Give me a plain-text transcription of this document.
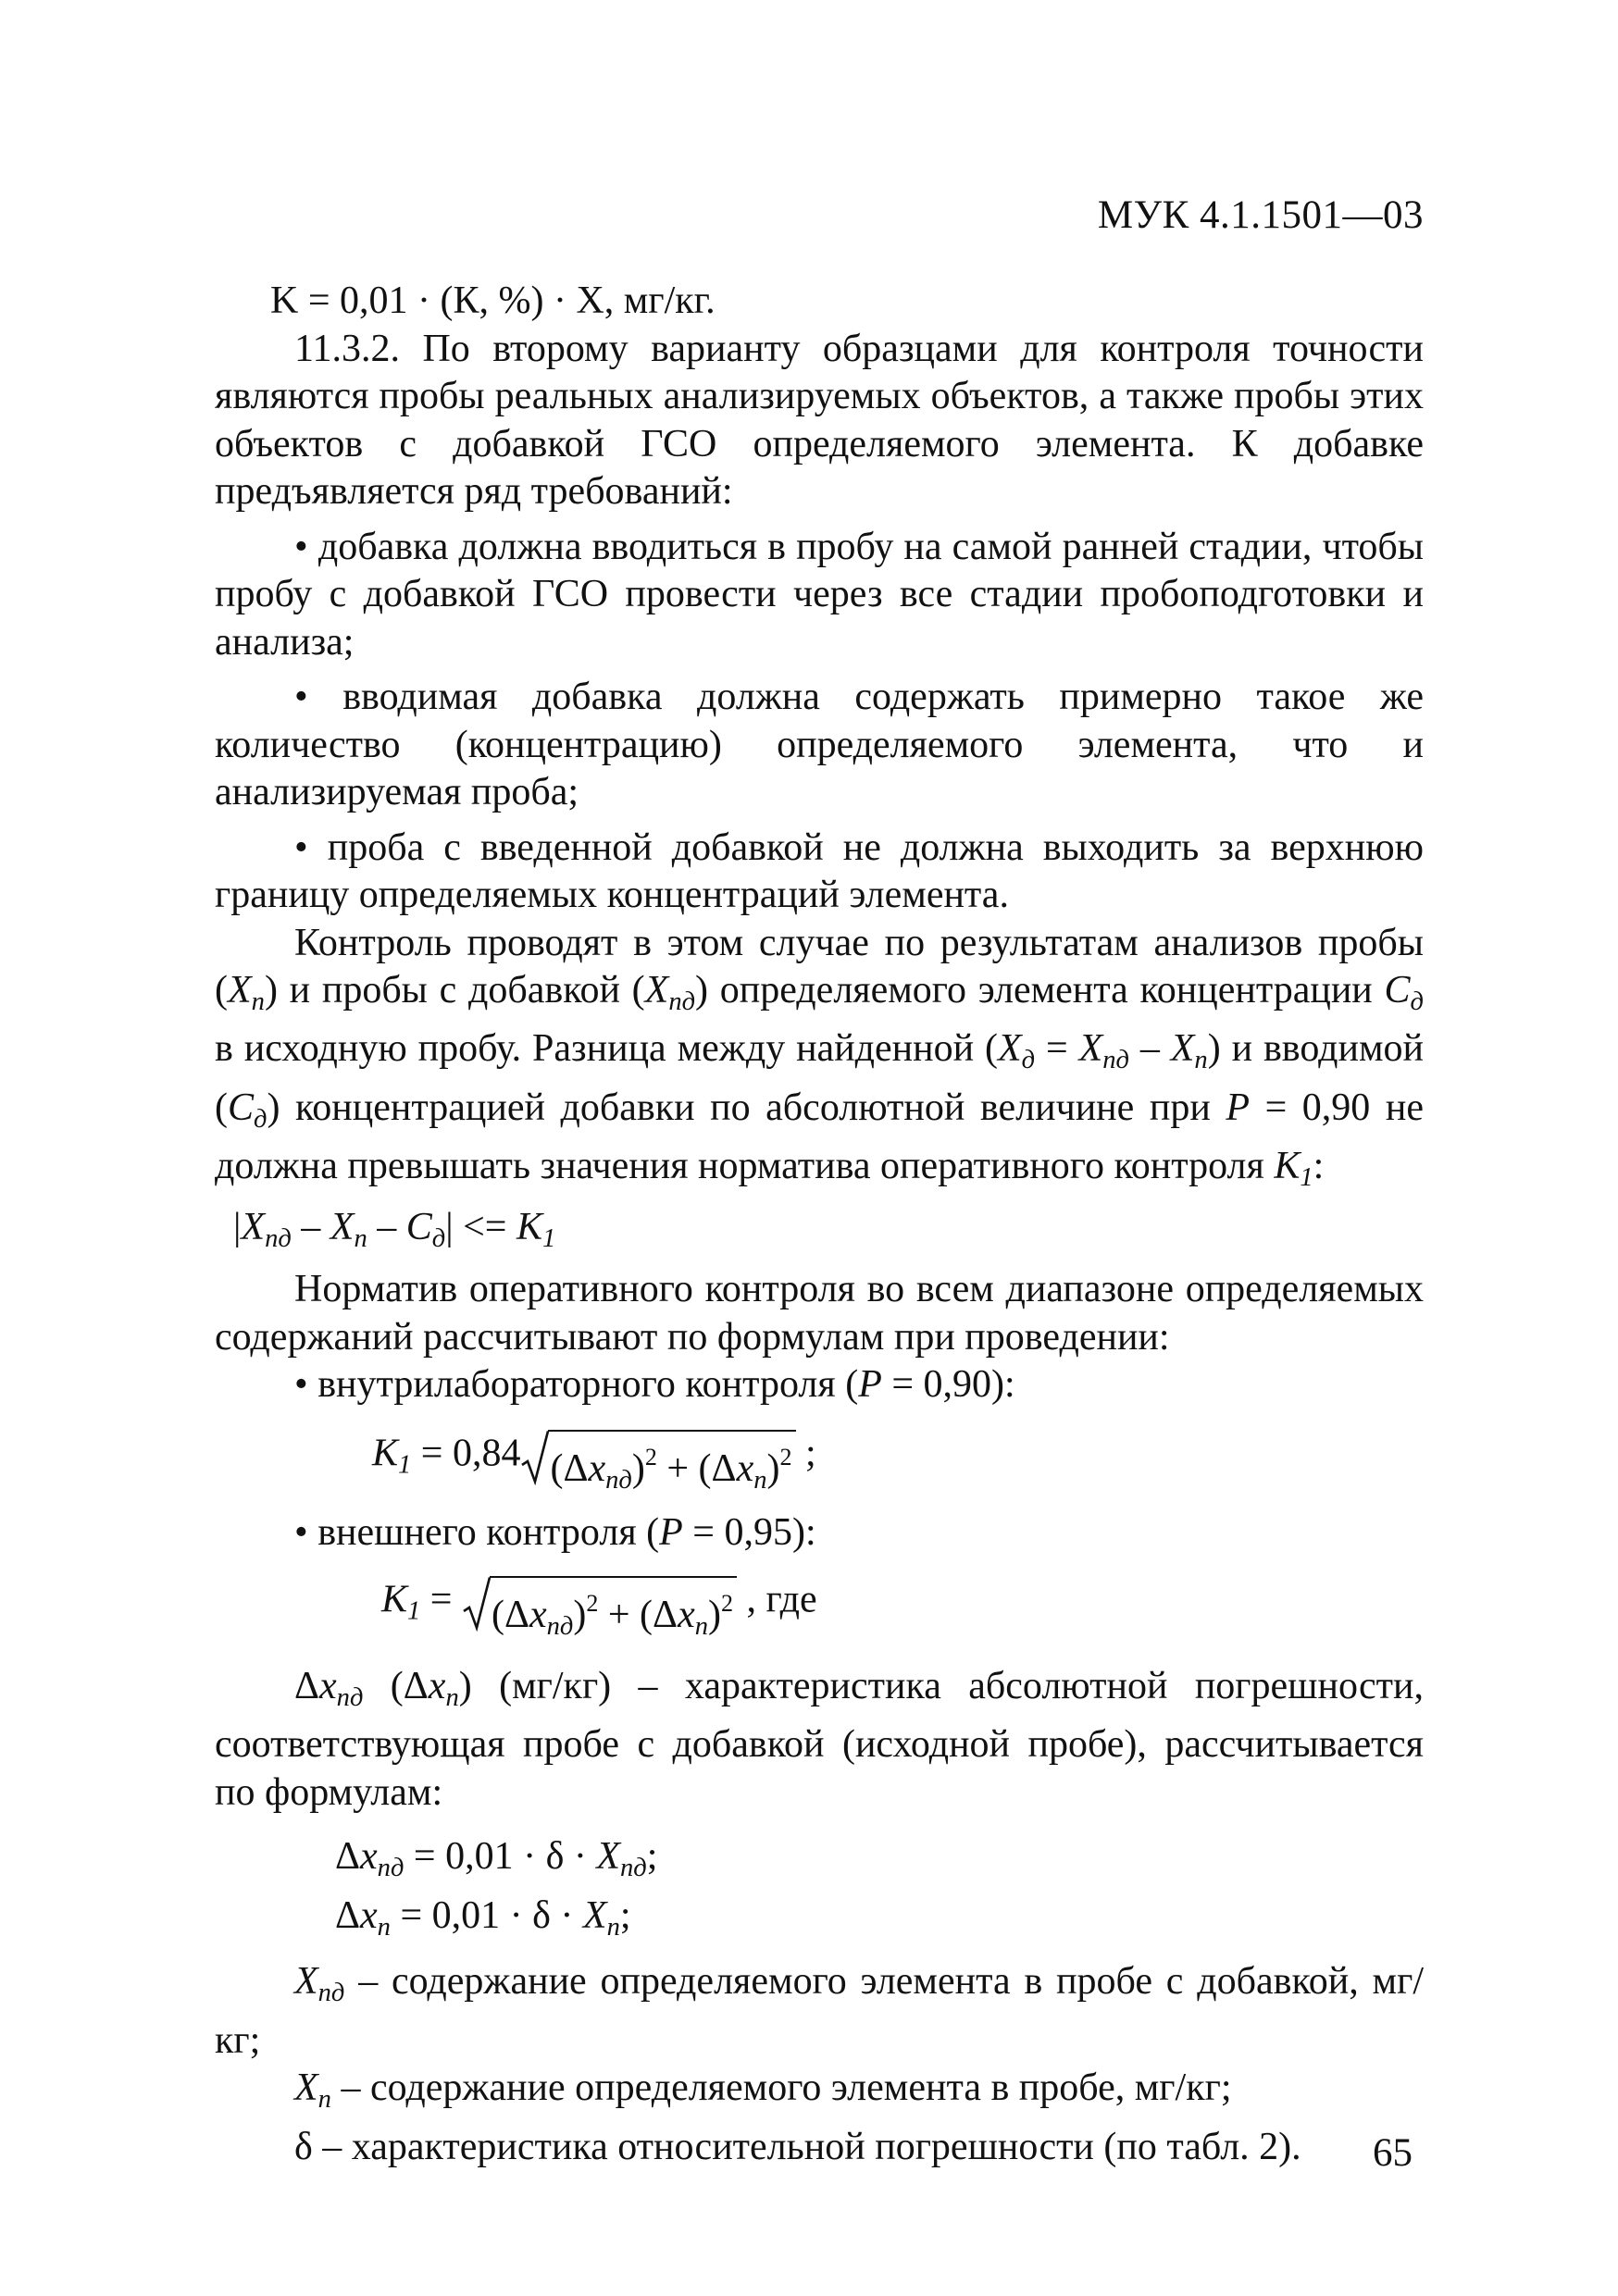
МУК 4.1.1501—03

K = 0,01 · (К, %) · X, мг/кг.

11.3.2. По второму варианту образцами для контроля точности являются пробы реальных анализируемых объектов, а также пробы этих объектов с добавкой ГСО определяемого элемента. К добавке предъявляется ряд требований:

• добавка должна вводиться в пробу на самой ранней стадии, чтобы пробу с добавкой ГСО провести через все стадии пробоподготовки и анализа;

• вводимая добавка должна содержать примерно такое же количество (концентрацию) определяемого элемента, что и анализируемая проба;

• проба с введенной добавкой не должна выходить за верхнюю границу определяемых концентраций элемента.

Контроль проводят в этом случае по результатам анализов пробы $(X_n)$ и пробы с добавкой $(X_{nд})$ определяемого элемента концентрации $C_д$ в исходную пробу. Разница между найденной $(X_д = X_{nд} - X_n)$ и вводимой $(C_д)$ концентрацией добавки по абсолютной величине при P = 0,90 не должна превышать значения норматива оперативного контроля $K_1$:

$|X_{nд} - X_n - C_д| <= K_1$

Норматив оперативного контроля во всем диапазоне определяемых содержаний рассчитывают по формулам при проведении:

• внутрилабораторного контроля (P = 0,90):

$K_1 = 0,84$ $(\Delta x_{nд})^2 + (\Delta x_n)^2$ ;

• внешнего контроля (P = 0,95):

$K_1$ =
$(\Delta x_{nд})^2 + (\Delta x_n)^2$ , где

$\Delta x_{nд}$ $(\Delta x_n)$ (мг/кг) – характеристика абсолютной погрешности, соответствующая пробе с добавкой (исходной пробе), рассчитывается по формулам:

$\Delta x_{nд} = 0,01 \cdot \delta \cdot X_{nд}$;

$\Delta x_n = 0,01 \cdot \delta \cdot X_n$;

$X_{nд}$ – содержание определяемого элемента в пробе с добавкой, мг/кг;

$X_n$ – содержание определяемого элемента в пробе, мг/кг;

δ – характеристика относительной погрешности (по табл. 2).	65
